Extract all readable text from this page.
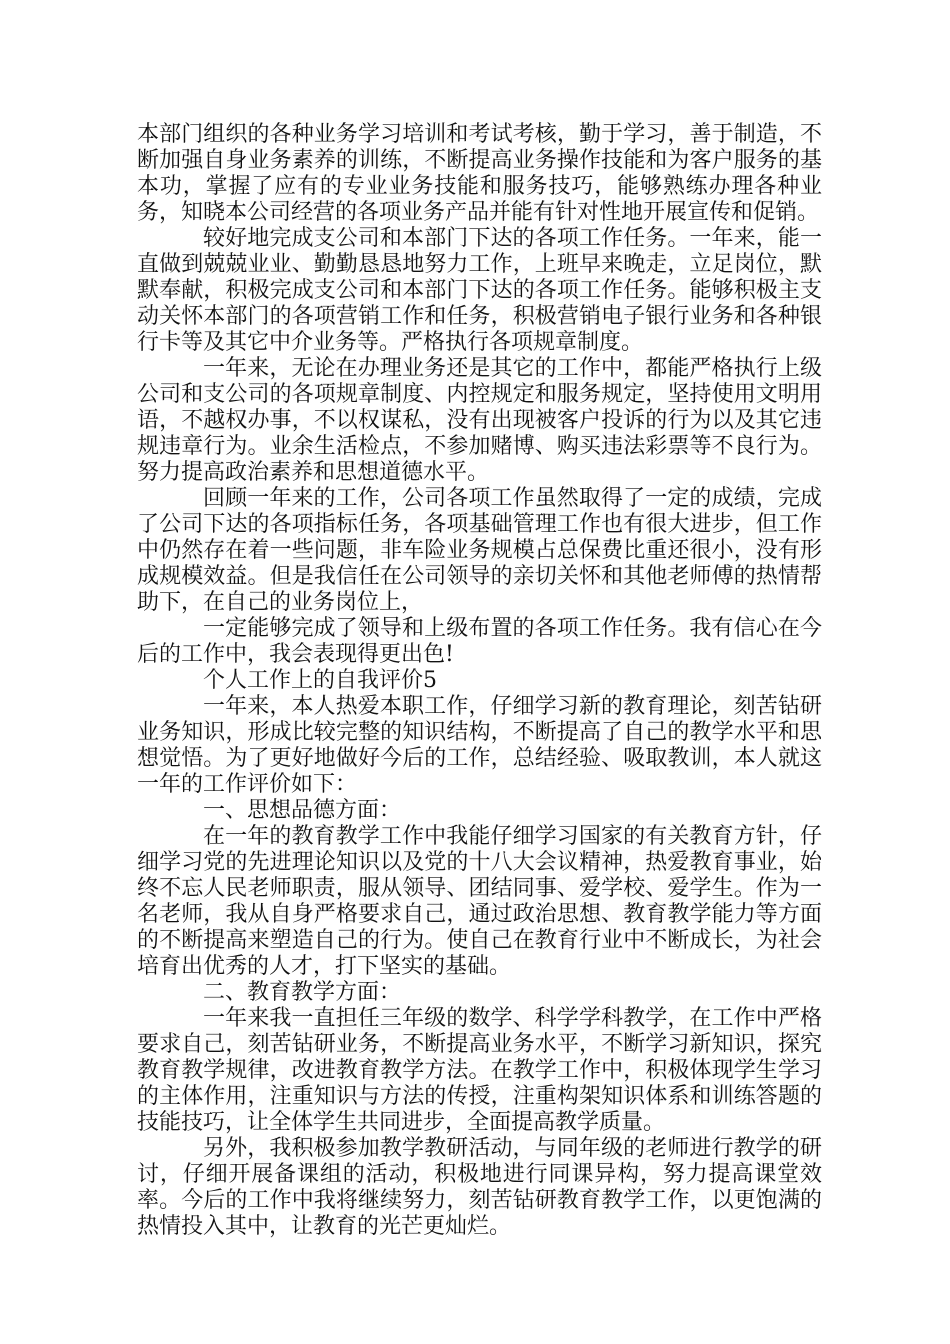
本部门组织的各种业务学习培训和考试考核，勤于学习，善于制造，不断加强自身业务素养的训练，不断提高业务操作技能和为客户服务的基本功，掌握了应有的专业业务技能和服务技巧，能够熟练办理各种业务，知晓本公司经营的各项业务产品并能有针对性地开展宣传和促销。

较好地完成支公司和本部门下达的各项工作任务。一年来，能一直做到兢兢业业、勤勤恳恳地努力工作，上班早来晚走，立足岗位，默默奉献，积极完成支公司和本部门下达的各项工作任务。能够积极主支动关怀本部门的各项营销工作和任务，积极营销电子银行业务和各种银行卡等及其它中介业务等。严格执行各项规章制度。

一年来，无论在办理业务还是其它的工作中，都能严格执行上级公司和支公司的各项规章制度、内控规定和服务规定，坚持使用文明用语，不越权办事，不以权谋私，没有出现被客户投诉的行为以及其它违规违章行为。业余生活检点，不参加赌博、购买违法彩票等不良行为。努力提高政治素养和思想道德水平。

回顾一年来的工作，公司各项工作虽然取得了一定的成绩，完成了公司下达的各项指标任务，各项基础管理工作也有很大进步，但工作中仍然存在着一些问题，非车险业务规模占总保费比重还很小，没有形成规模效益。但是我信任在公司领导的亲切关怀和其他老师傅的热情帮助下，在自己的业务岗位上，

一定能够完成了领导和上级布置的各项工作任务。我有信心在今后的工作中，我会表现得更出色!

个人工作上的自我评价5

一年来，本人热爱本职工作，仔细学习新的教育理论，刻苦钻研业务知识，形成比较完整的知识结构，不断提高了自己的教学水平和思想觉悟。为了更好地做好今后的工作，总结经验、吸取教训，本人就这一年的工作评价如下：

一、思想品德方面：

在一年的教育教学工作中我能仔细学习国家的有关教育方针，仔细学习党的先进理论知识以及党的十八大会议精神，热爱教育事业，始终不忘人民老师职责，服从领导、团结同事、爱学校、爱学生。作为一名老师，我从自身严格要求自己，通过政治思想、教育教学能力等方面的不断提高来塑造自己的行为。使自己在教育行业中不断成长，为社会培育出优秀的人才，打下坚实的基础。

二、教育教学方面：

一年来我一直担任三年级的数学、科学学科教学，在工作中严格要求自己，刻苦钻研业务，不断提高业务水平，不断学习新知识，探究教育教学规律，改进教育教学方法。在教学工作中，积极体现学生学习的主体作用，注重知识与方法的传授，注重构架知识体系和训练答题的技能技巧，让全体学生共同进步，全面提高教学质量。

另外，我积极参加教学教研活动，与同年级的老师进行教学的研讨，仔细开展备课组的活动，积极地进行同课异构，努力提高课堂效率。今后的工作中我将继续努力，刻苦钻研教育教学工作，以更饱满的热情投入其中，让教育的光芒更灿烂。
